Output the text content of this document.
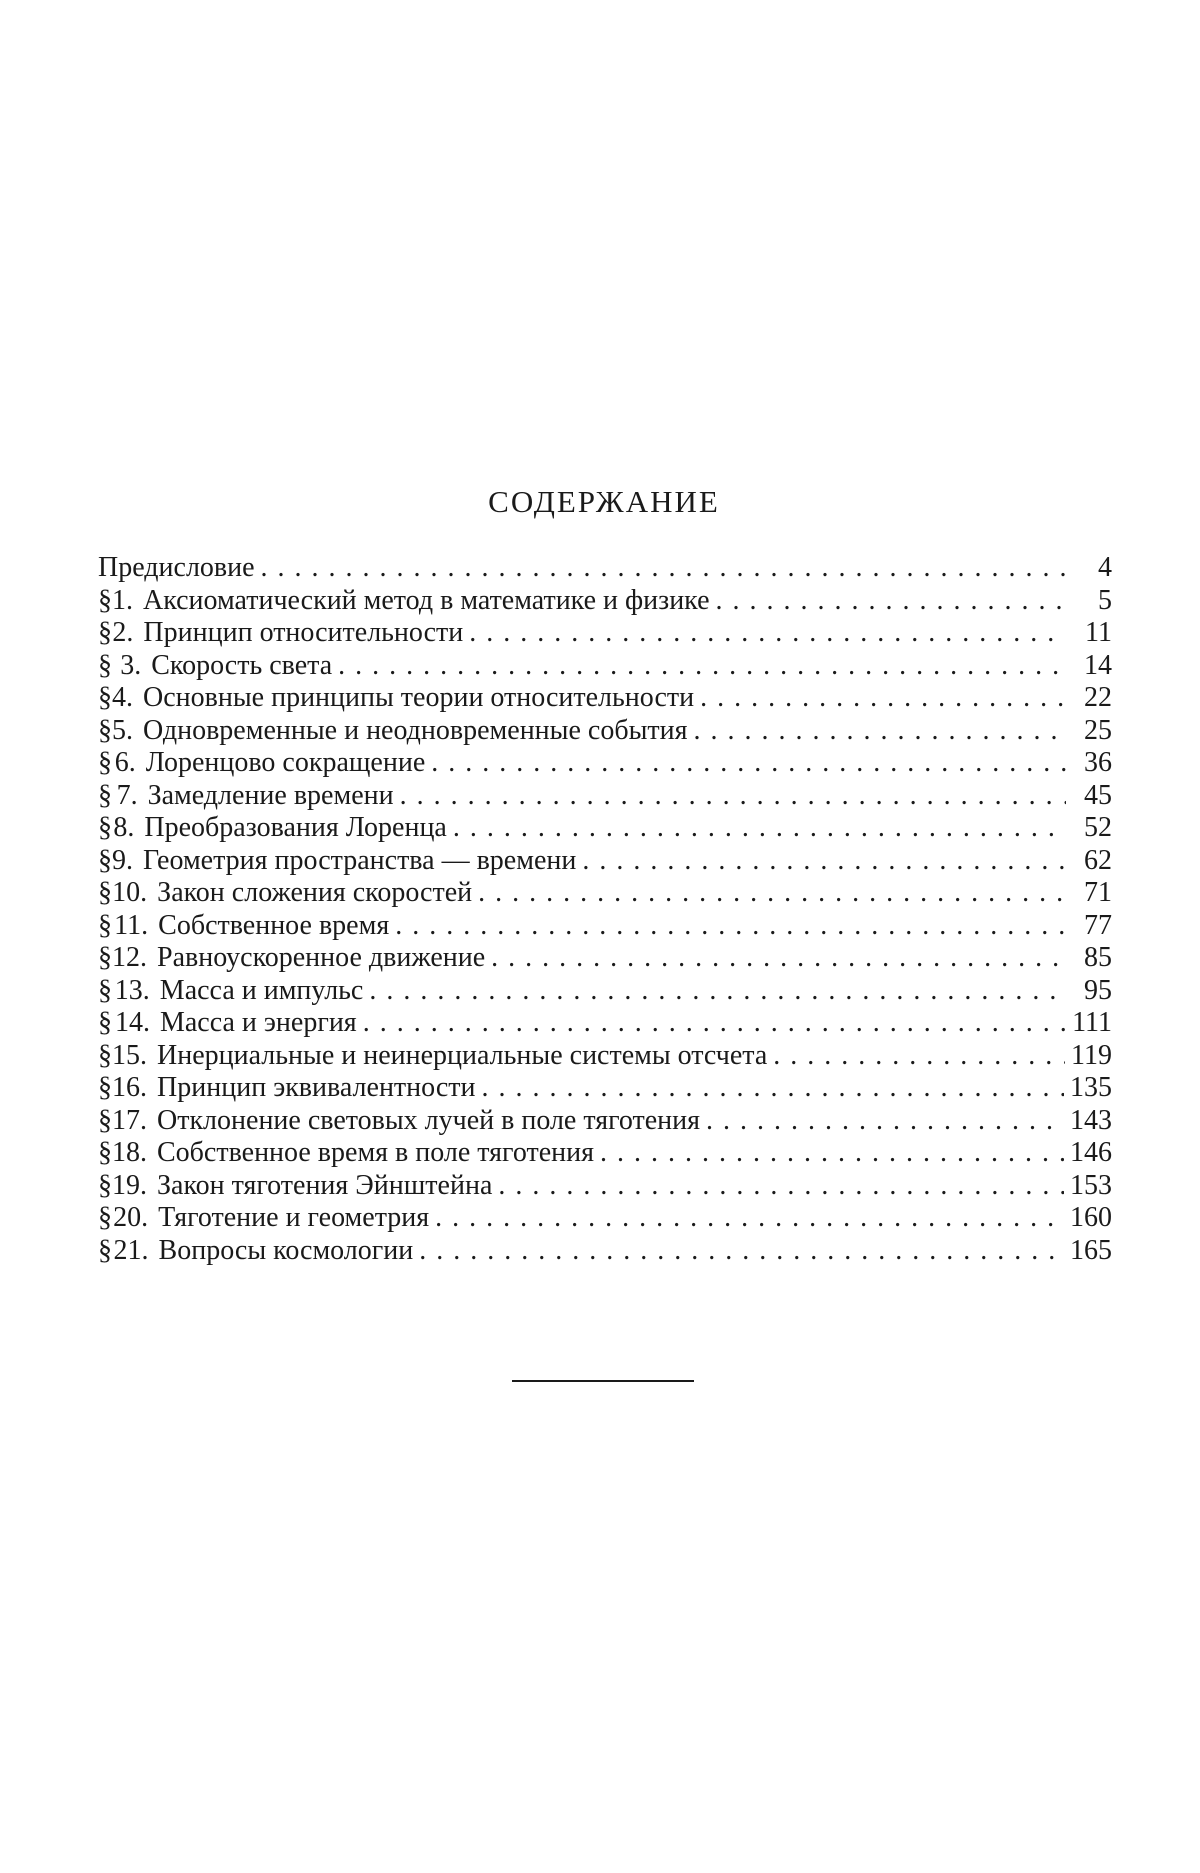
СОДЕРЖАНИЕ
Предисловие . . .	4
§ 1. Аксиоматический метод в математике и физике . . .	5
§ 2. Принцип относительности . . .	11
§ 3. Скорость света . . .	14
§ 4. Основные принципы теории относительности . . .	22
§ 5. Одновременные и неодновременные события . . .	25
§ 6. Лоренцово сокращение . . .	36
§ 7. Замедление времени . . .	45
§ 8. Преобразования Лоренца . . .	52
§ 9. Геометрия пространства — времени . . .	62
§ 10. Закон сложения скоростей . . .	71
§ 11. Собственное время . . .	77
§ 12. Равноускоренное движение . . .	85
§ 13. Масса и импульс . . .	95
§ 14. Масса и энергия . . .	111
§ 15. Инерциальные и неинерциальные системы отсчета . . .	119
§ 16. Принцип эквивалентности . . .	135
§ 17. Отклонение световых лучей в поле тяготения . . .	143
§ 18. Собственное время в поле тяготения . . .	146
§ 19. Закон тяготения Эйнштейна . . .	153
§ 20. Тяготение и геометрия . . .	160
§ 21. Вопросы космологии . . .	165
